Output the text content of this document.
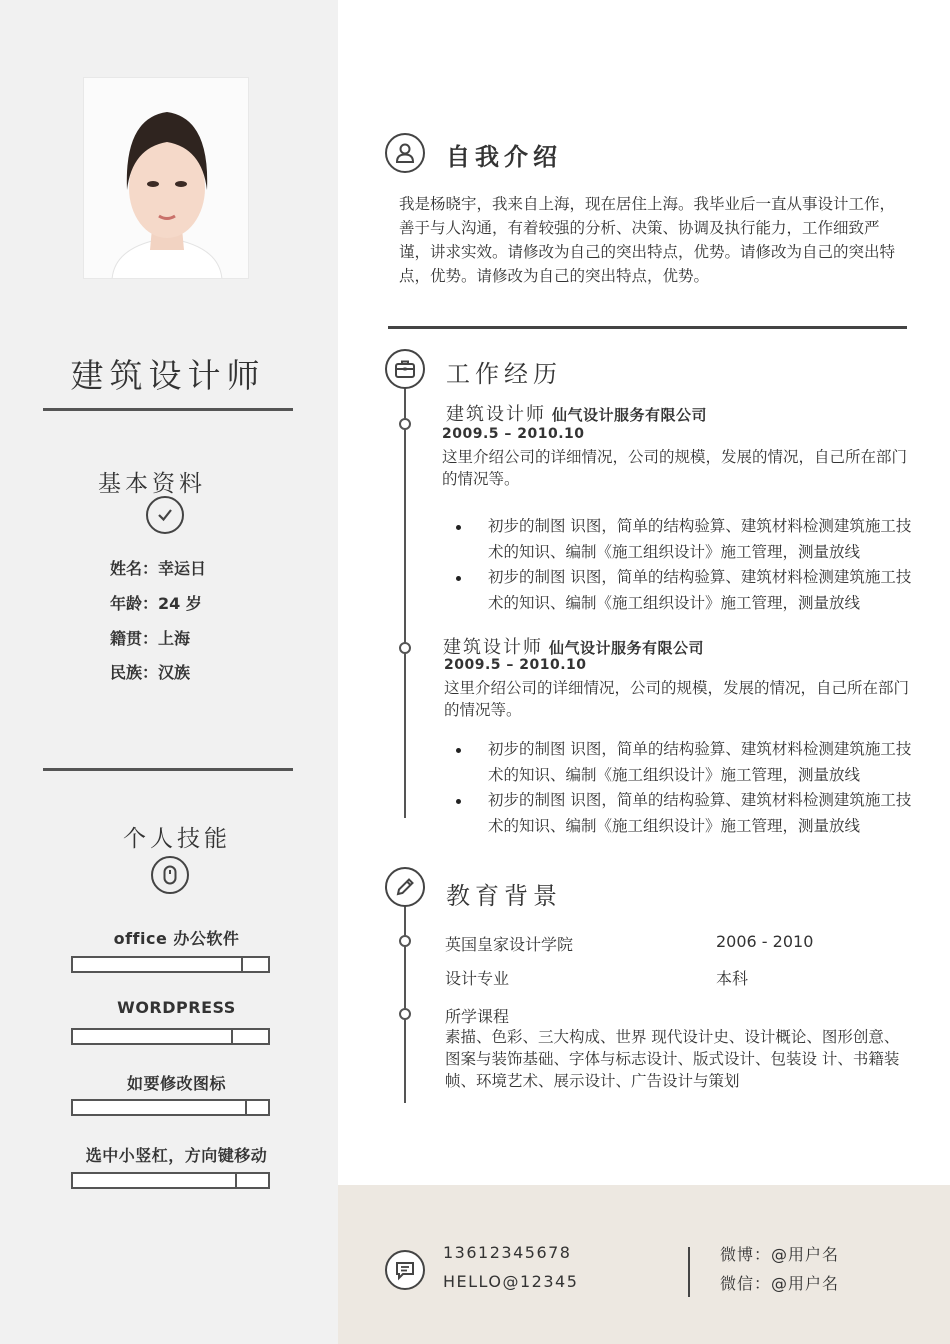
建筑设计师
基本资料
姓名：幸运日
年龄：24 岁
籍贯：上海
民族：汉族
个人技能
office 办公软件
WORDPRESS
如要修改图标
选中小竖杠，方向键移动
自我介绍
我是杨晓宇，我来自上海，现在居住上海。我毕业后一直从事设计工作，善于与人沟通，有着较强的分析、决策、协调及执行能力，工作细致严谨，讲求实效。请修改为自己的突出特点，优势。请修改为自己的突出特点，优势。请修改为自己的突出特点，优势。
工作经历
建筑设计师 仙气设计服务有限公司
2009.5 – 2010.10
这里介绍公司的详细情况，公司的规模，发展的情况，自己所在部门的情况等。
初步的制图 识图，简单的结构验算、建筑材料检测建筑施工技术的知识、编制《施工组织设计》施工管理，测量放线
初步的制图 识图，简单的结构验算、建筑材料检测建筑施工技术的知识、编制《施工组织设计》施工管理，测量放线
建筑设计师 仙气设计服务有限公司
2009.5 – 2010.10
这里介绍公司的详细情况，公司的规模，发展的情况，自己所在部门的情况等。
初步的制图 识图，简单的结构验算、建筑材料检测建筑施工技术的知识、编制《施工组织设计》施工管理，测量放线
初步的制图 识图，简单的结构验算、建筑材料检测建筑施工技术的知识、编制《施工组织设计》施工管理，测量放线
教育背景
英国皇家设计学院	2006 - 2010
设计专业	本科
所学课程
素描、色彩、三大构成、世界 现代设计史、设计概论、图形创意、图案与装饰基础、字体与标志设计、版式设计、包装设 计、书籍装帧、环境艺术、展示设计、广告设计与策划
13612345678
HELLO@12345
微博：@用户名
微信：@用户名
